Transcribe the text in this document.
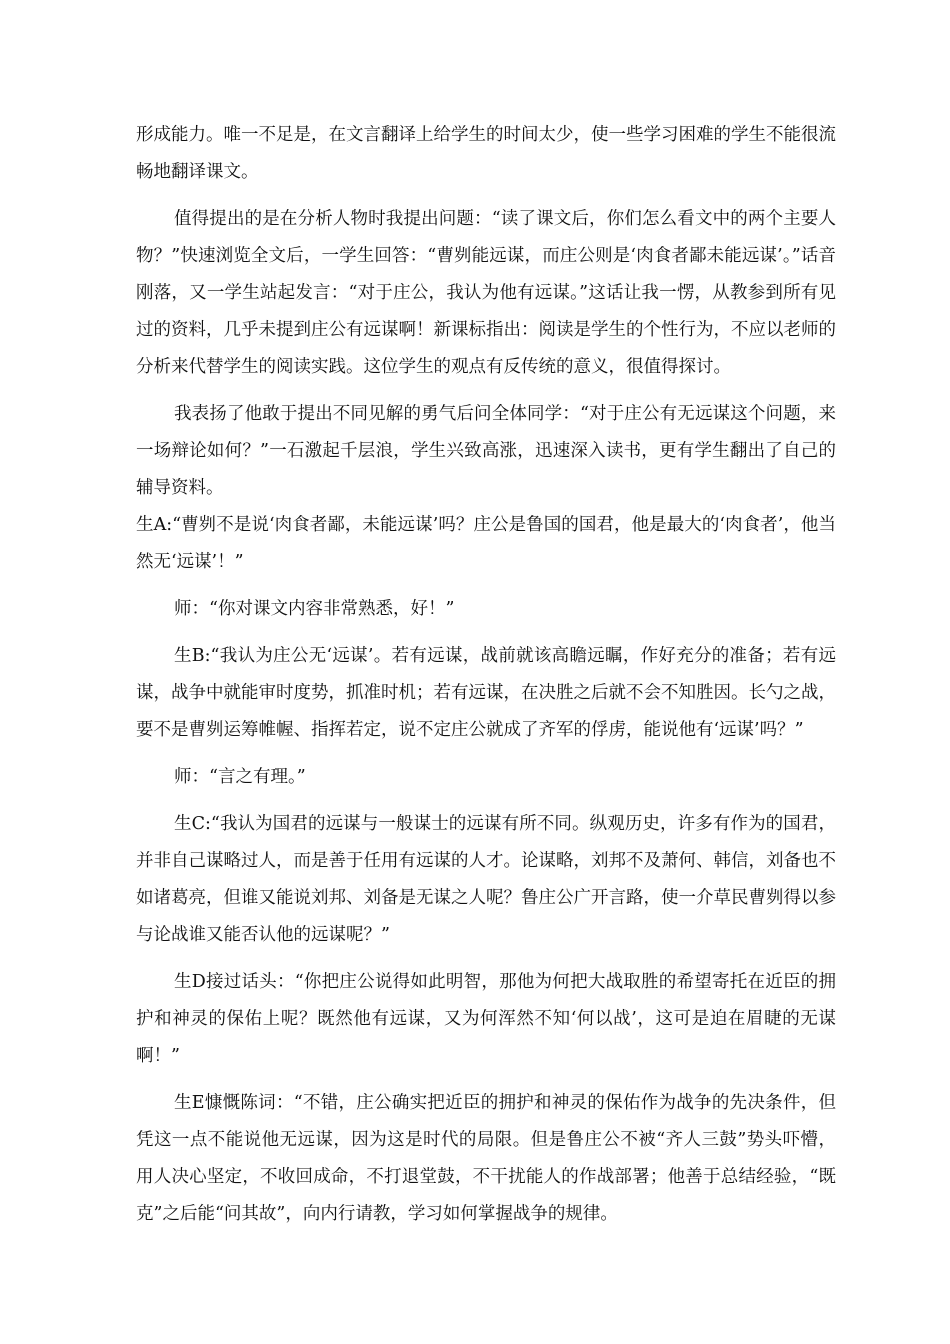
形成能力。唯一不足是，在文言翻译上给学生的时间太少，使一些学习困难的学生不能很流畅地翻译课文。

值得提出的是在分析人物时我提出问题：“读了课文后，你们怎么看文中的两个主要人物？”快速浏览全文后，一学生回答：“曹刿能远谋，而庄公则是‘肉食者鄙未能远谋’。”话音刚落，又一学生站起发言：“对于庄公，我认为他有远谋。”这话让我一愣，从教参到所有见过的资料，几乎未提到庄公有远谋啊！新课标指出：阅读是学生的个性行为，不应以老师的分析来代替学生的阅读实践。这位学生的观点有反传统的意义，很值得探讨。

我表扬了他敢于提出不同见解的勇气后问全体同学：“对于庄公有无远谋这个问题，来一场辩论如何？”一石激起千层浪，学生兴致高涨，迅速深入读书，更有学生翻出了自己的辅导资料。

生A:“曹刿不是说‘肉食者鄙，未能远谋’吗？庄公是鲁国的国君，他是最大的‘肉食者’，他当然无‘远谋’！”

师：“你对课文内容非常熟悉，好！”

生B:“我认为庄公无‘远谋’。若有远谋，战前就该高瞻远瞩，作好充分的准备；若有远谋，战争中就能审时度势，抓准时机；若有远谋，在决胜之后就不会不知胜因。长勺之战，要不是曹刿运筹帷幄、指挥若定，说不定庄公就成了齐军的俘虏，能说他有‘远谋’吗？”

师：“言之有理。”

生C:“我认为国君的远谋与一般谋士的远谋有所不同。纵观历史，许多有作为的国君，并非自己谋略过人，而是善于任用有远谋的人才。论谋略，刘邦不及萧何、韩信，刘备也不如诸葛亮，但谁又能说刘邦、刘备是无谋之人呢？鲁庄公广开言路，使一介草民曹刿得以参与论战谁又能否认他的远谋呢？”

生D接过话头：“你把庄公说得如此明智，那他为何把大战取胜的希望寄托在近臣的拥护和神灵的保佑上呢？既然他有远谋，又为何浑然不知‘何以战’，这可是迫在眉睫的无谋啊！”

生E慷慨陈词：“不错，庄公确实把近臣的拥护和神灵的保佑作为战争的先决条件，但凭这一点不能说他无远谋，因为这是时代的局限。但是鲁庄公不被“齐人三鼓”势头吓懵，用人决心坚定，不收回成命，不打退堂鼓，不干扰能人的作战部署；他善于总结经验，“既克”之后能“问其故”，向内行请教，学习如何掌握战争的规律。
